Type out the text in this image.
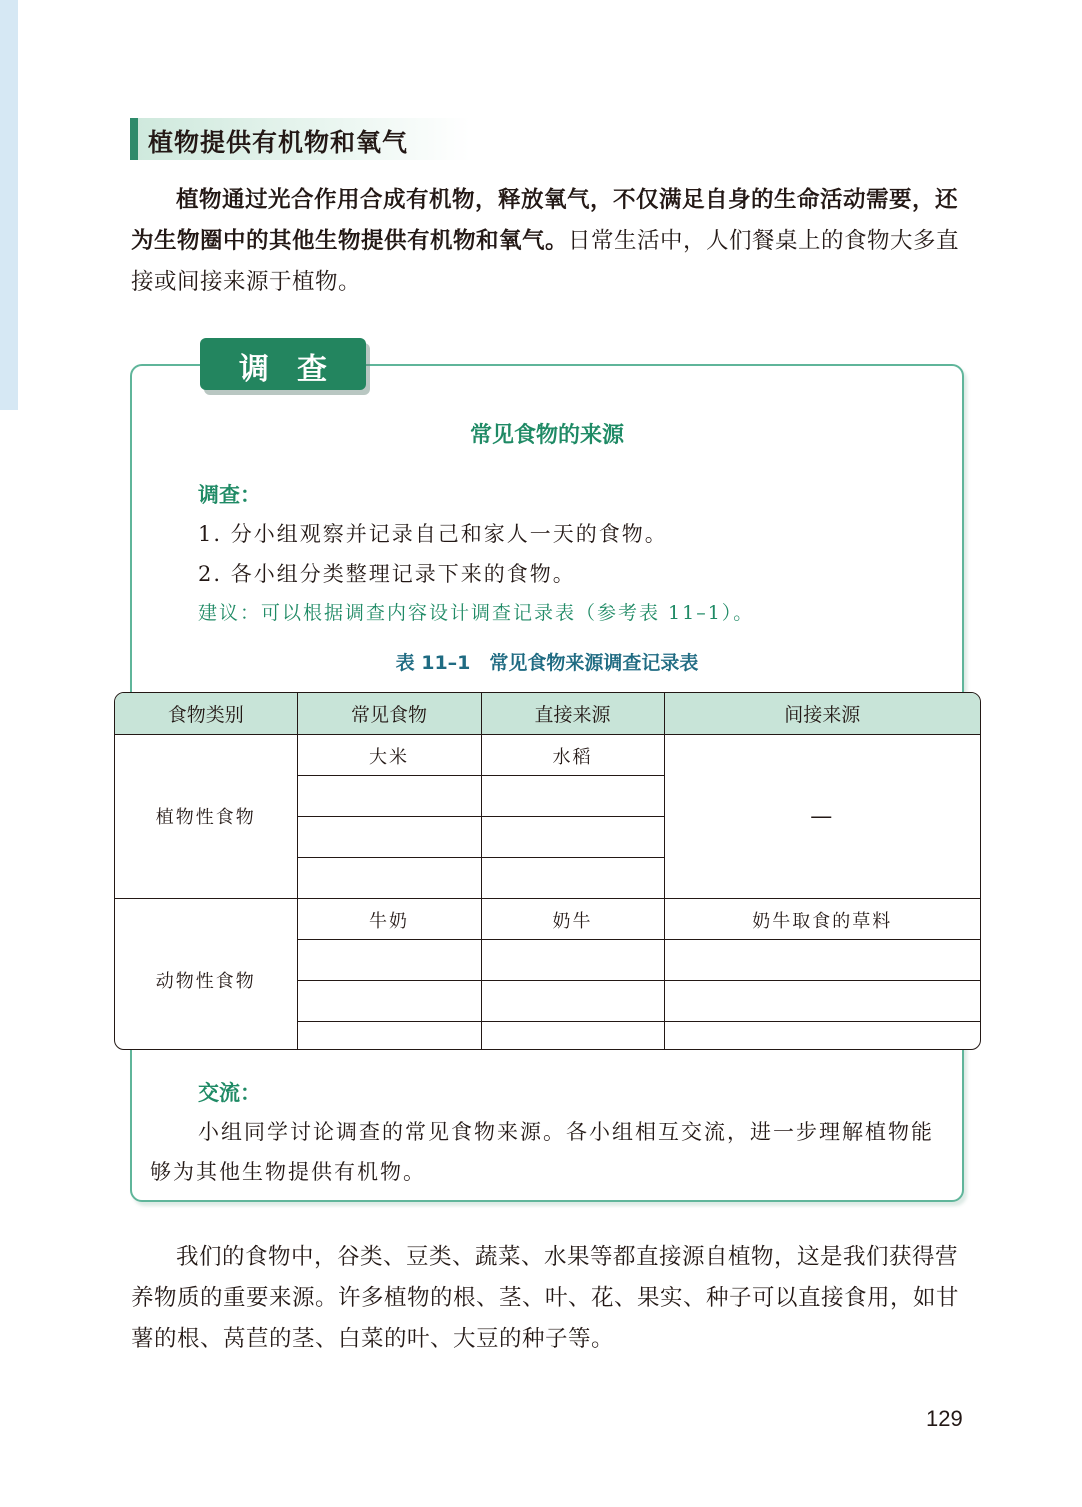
植物提供有机物和氧气

植物通过光合作用合成有机物，释放氧气，不仅满足自身的生命活动需要，还为生物圈中的其他生物提供有机物和氧气。日常生活中，人们餐桌上的食物大多直接或间接来源于植物。

调查
常见食物的来源
调查：
1. 分小组观察并记录自己和家人一天的食物。
2. 各小组分类整理记录下来的食物。
建议：可以根据调查内容设计调查记录表（参考表 11–1）。
表 11–1　常见食物来源调查记录表
食物类别	常见食物	直接来源	间接来源
植物性食物	大米	水稻	—

动物性食物	牛奶	奶牛	奶牛取食的草料

交流：

小组同学讨论调查的常见食物来源。各小组相互交流，进一步理解植物能够为其他生物提供有机物。

我们的食物中，谷类、豆类、蔬菜、水果等都直接源自植物，这是我们获得营养物质的重要来源。许多植物的根、茎、叶、花、果实、种子可以直接食用，如甘薯的根、莴苣的茎、白菜的叶、大豆的种子等。

129
